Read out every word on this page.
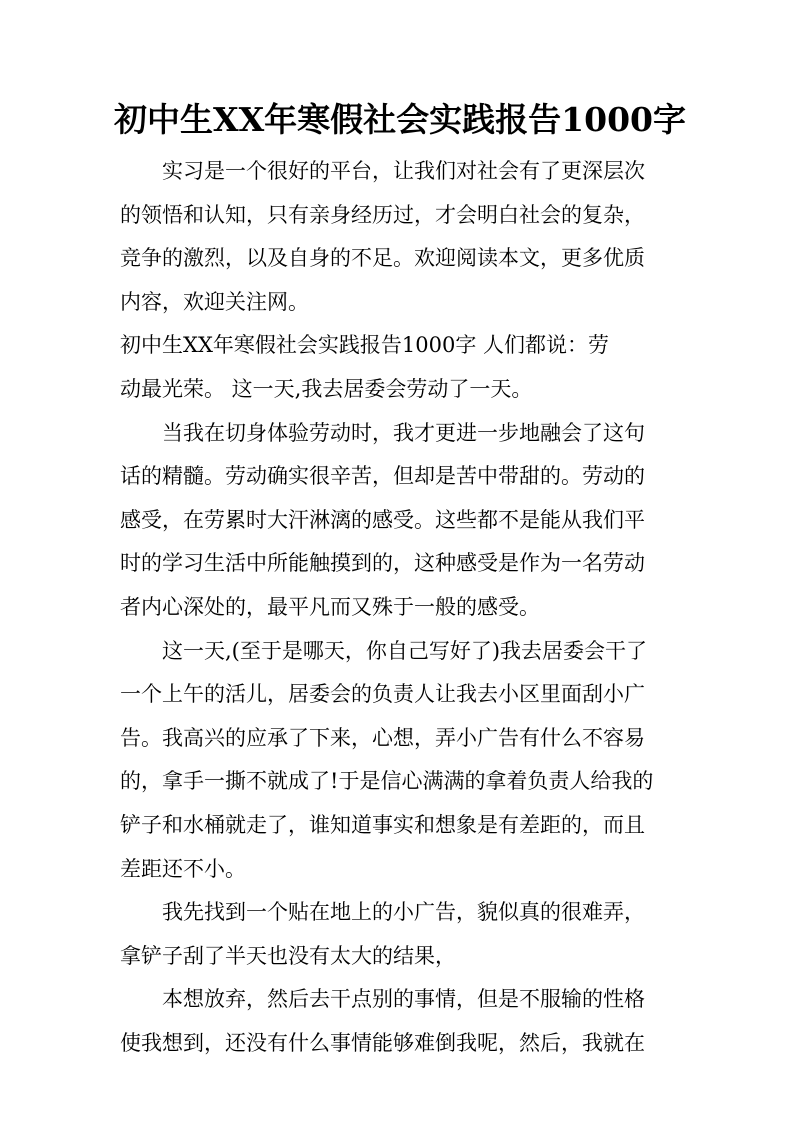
初中生XX年寒假社会实践报告1000字

实习是一个很好的平台，让我们对社会有了更深层次
的领悟和认知，只有亲身经历过，才会明白社会的复杂，
竞争的激烈，以及自身的不足。欢迎阅读本文，更多优质
内容，欢迎关注网。

初中生XX年寒假社会实践报告1000字 人们都说：劳
动最光荣。 这一天,我去居委会劳动了一天。

当我在切身体验劳动时，我才更进一步地融会了这句
话的精髓。劳动确实很辛苦，但却是苦中带甜的。劳动的
感受，在劳累时大汗淋漓的感受。这些都不是能从我们平
时的学习生活中所能触摸到的，这种感受是作为一名劳动
者内心深处的，最平凡而又殊于一般的感受。

这一天,(至于是哪天，你自己写好了)我去居委会干了
一个上午的活儿，居委会的负责人让我去小区里面刮小广
告。我高兴的应承了下来，心想，弄小广告有什么不容易
的，拿手一撕不就成了!于是信心满满的拿着负责人给我的
铲子和水桶就走了，谁知道事实和想象是有差距的，而且
差距还不小。

我先找到一个贴在地上的小广告，貌似真的很难弄，
拿铲子刮了半天也没有太大的结果，

本想放弃，然后去干点别的事情，但是不服输的性格
使我想到，还没有什么事情能够难倒我呢，然后，我就在
